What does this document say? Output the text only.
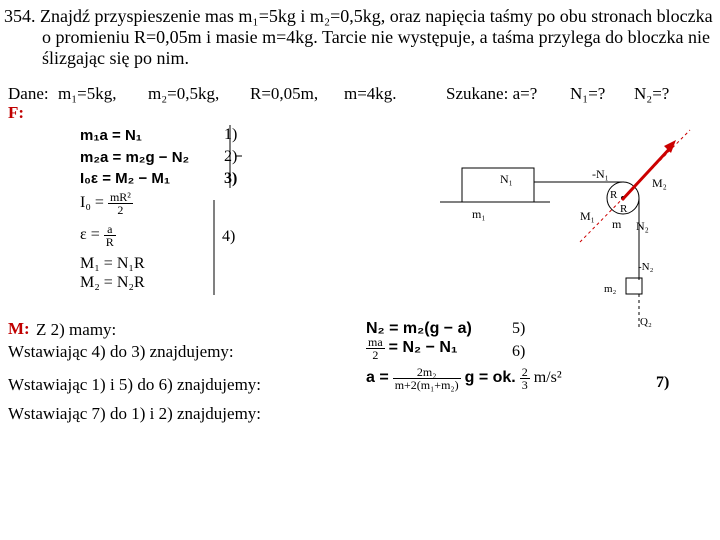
354. Znajdź przyspieszenie mas m₁=5kg i m₂=0,5kg, oraz napięcia taśmy po obu stronach bloczka
o promieniu R=0,05m i masie m=4kg. Tarcie nie występuje, a taśma przylega do bloczka nie
ślizgając się po nim.
Dane: m₁=5kg, m₂=0,5kg, R=0,05m, m=4kg.	Szukane: a=? N₁=? N₂=?
F:
m₁a = N₁	1)
m₂a = m₂g − N₂ 2)
I₀ε = M₂ − M₁	3)
$I_0 = \frac{\text{mR²}}{2}$
$\varepsilon = \frac{a}{R}$	4)
M₁ = N₁R
M₂ = N₂R
N₁
m₁
-N₁
R
R
M₁
m N₂
-N₂
m₂
Q₂
M₂
M: Z 2) mamy:
Wstawiając 4) do 3) znajdujemy:
Wstawiając 1) i 5) do 6) znajdujemy:
Wstawiając 7) do 1) i 2) znajdujemy:
N₂ = m₂(g − a)	5)
$\frac{ma}{2} = N_2 - N_1$	6)
$a = \frac{\text{2m₂}}{\text{m+2(m₁+m₂)}}$ g = ok. $\frac{2}{3} m/s^2$	7)
